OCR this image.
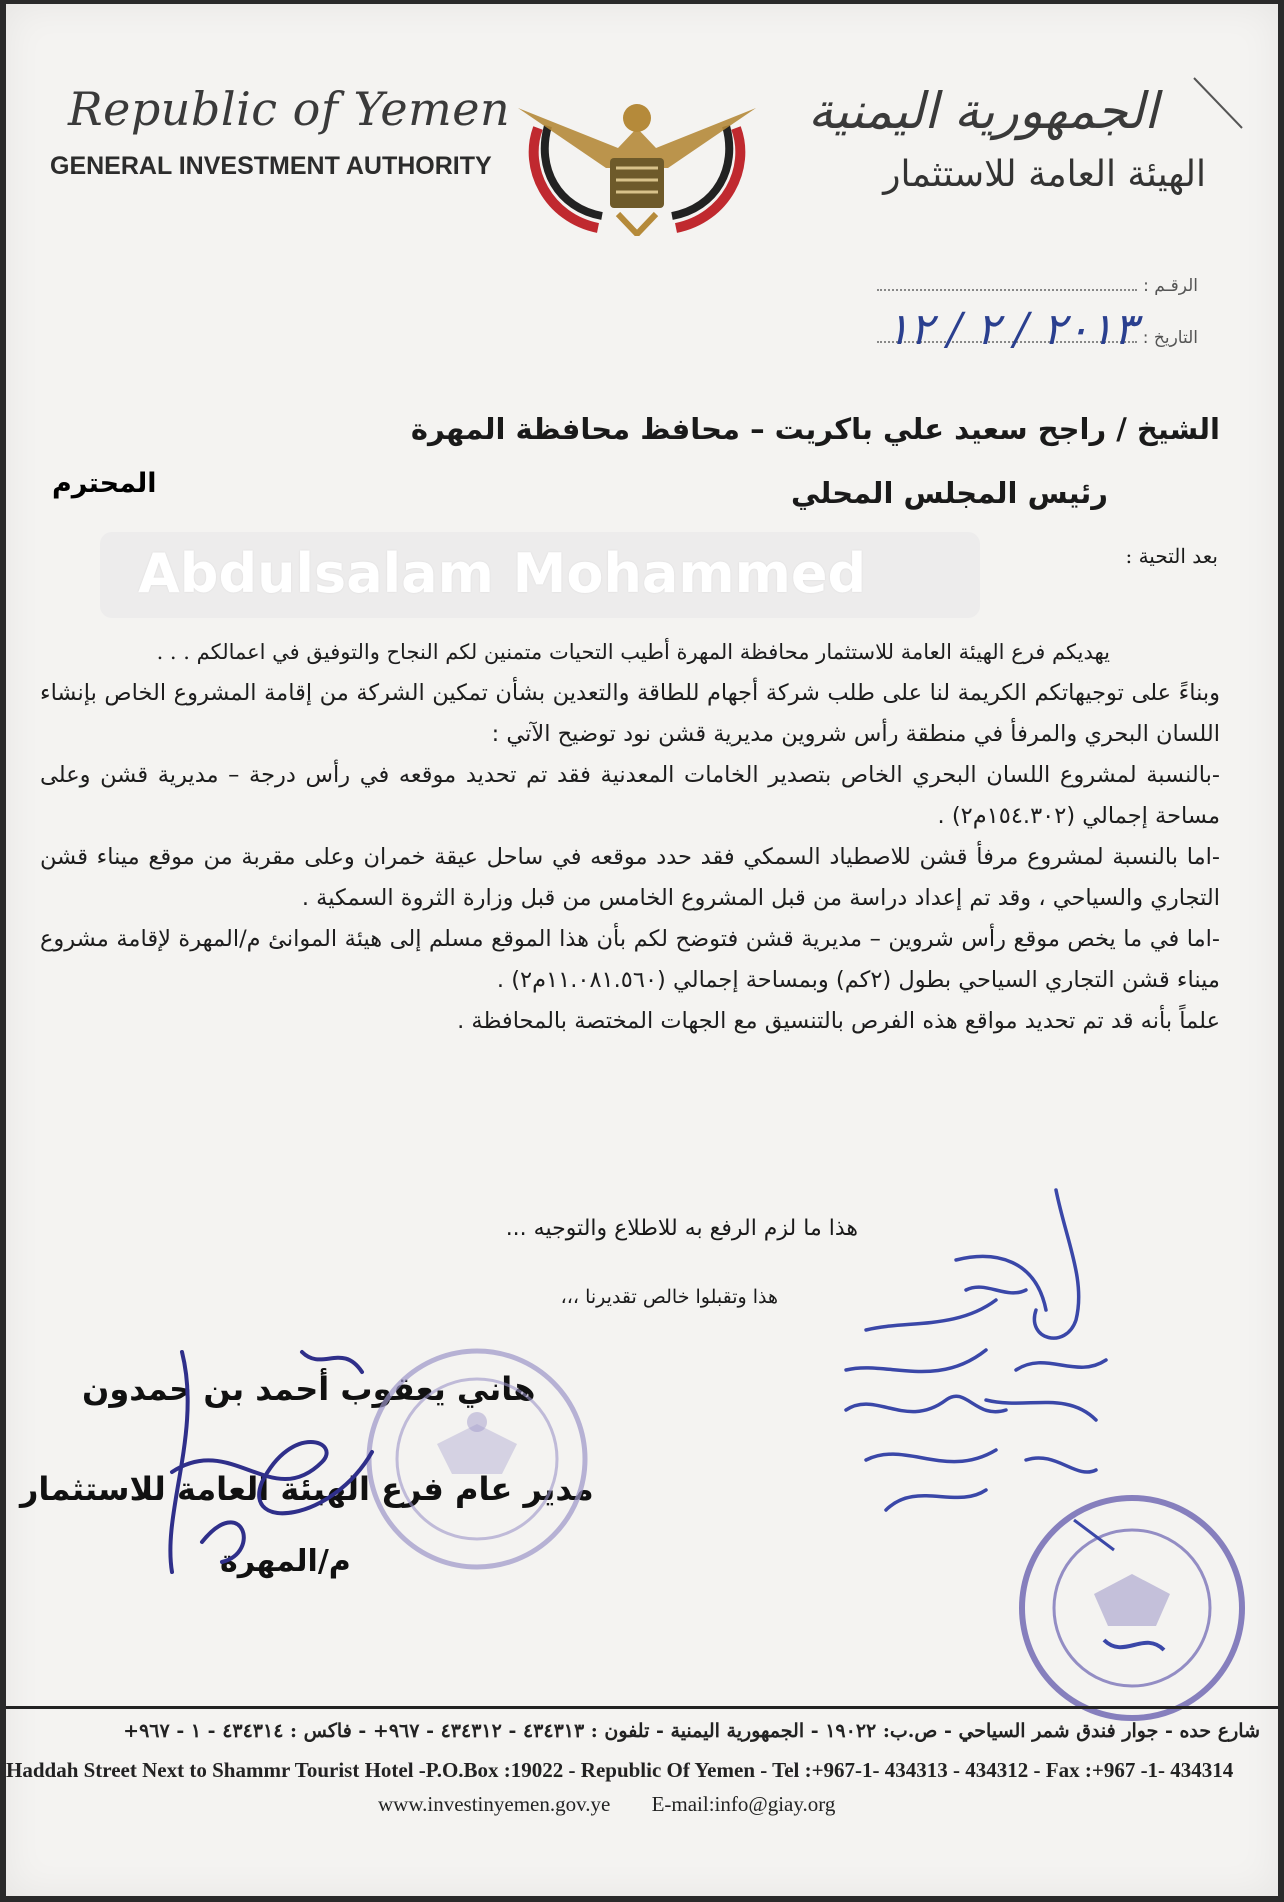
Republic of Yemen
GENERAL INVESTMENT AUTHORITY
الجمهورية اليمنية
الهيئة العامة للاستثمار
الرقـم :
التاريخ :
٢٠١٣ / ٢ / ١٢
الشيخ / راجح سعيد علي باكريت – محافظ محافظة المهرة
رئيس المجلس المحلي
المحترم
بعد التحية :
Abdulsalam Mohammed

يهديكم فرع الهيئة العامة للاستثمار محافظة المهرة أطيب التحيات متمنين لكم النجاح والتوفيق في اعمالكم . . .

وبناءً على توجيهاتكم الكريمة لنا على طلب شركة أجهام للطاقة والتعدين بشأن تمكين الشركة من إقامة المشروع الخاص بإنشاء اللسان البحري والمرفأ في منطقة رأس شروين مديرية قشن نود توضيح الآتي :

-بالنسبة لمشروع اللسان البحري الخاص بتصدير الخامات المعدنية فقد تم تحديد موقعه في رأس درجة – مديرية قشن وعلى مساحة إجمالي (١٥٤.٣٠٢م٢) .

-اما بالنسبة لمشروع مرفأ قشن للاصطياد السمكي فقد حدد موقعه في ساحل عيقة خمران وعلى مقربة من موقع ميناء قشن التجاري والسياحي ، وقد تم إعداد دراسة من قبل المشروع الخامس من قبل وزارة الثروة السمكية .

-اما في ما يخص موقع رأس شروين – مديرية قشن فتوضح لكم بأن هذا الموقع مسلم إلى هيئة الموانئ م/المهرة لإقامة مشروع ميناء قشن التجاري السياحي بطول (٢كم) وبمساحة إجمالي (١١.٠٨١.٥٦٠م٢) .

علماً بأنه قد تم تحديد مواقع هذه الفرص بالتنسيق مع الجهات المختصة بالمحافظة .

هذا ما لزم الرفع به للاطلاع والتوجيه ...
هذا وتقبلوا خالص تقديرنا ،،،
هاني يعقوب أحمد بن حمدون
مدير عام فرع الهيئة العامة للاستثمار
م/المهرة
شارع حده - جوار فندق شمر السياحي - ص.ب: ١٩٠٢٢ - الجمهورية اليمنية - تلفون : ٤٣٤٣١٣ - ٤٣٤٣١٢ - ٩٦٧+ - فاكس : ٤٣٤٣١٤ - ١ - ٩٦٧+
Haddah Street Next to Shammr Tourist Hotel -P.O.Box :19022 - Republic Of Yemen - Tel :+967-1- 434313 - 434312 - Fax :+967 -1- 434314
www.investinyemen.gov.ye E-mail:info@giay.org
